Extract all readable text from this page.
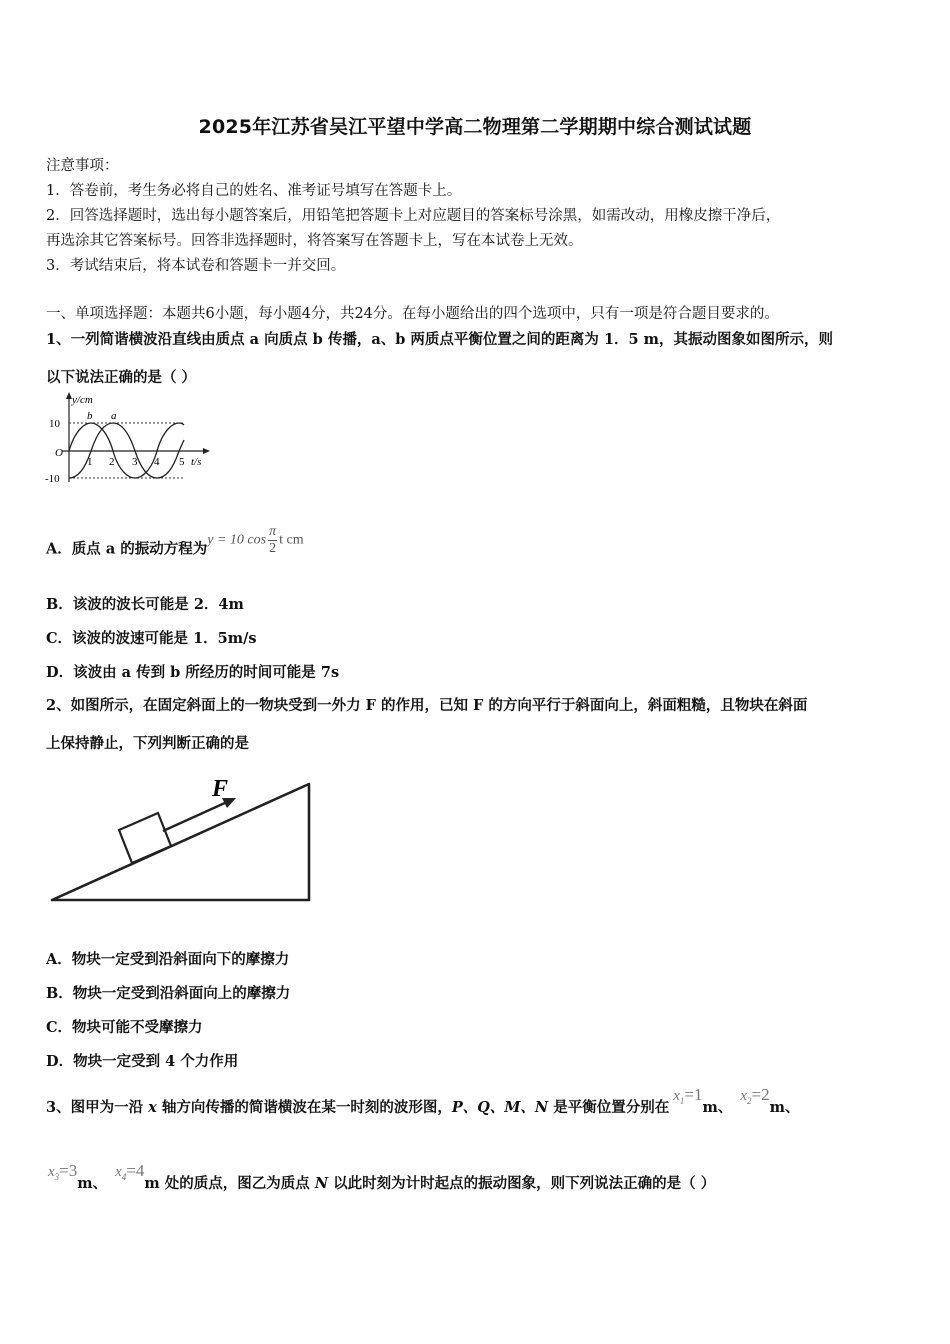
2025年江苏省吴江平望中学高二物理第二学期期中综合测试试题
注意事项：
1．答卷前，考生务必将自己的姓名、准考证号填写在答题卡上。
2．回答选择题时，选出每小题答案后，用铅笔把答题卡上对应题目的答案标号涂黑，如需改动，用橡皮擦干净后，
再选涂其它答案标号。回答非选择题时，将答案写在答题卡上，写在本试卷上无效。
3．考试结束后，将本试卷和答题卡一并交回。
一、单项选择题：本题共6小题，每小题4分，共24分。在每小题给出的四个选项中，只有一项是符合题目要求的。
1、一列简谐横波沿直线由质点 a 向质点 b 传播，a、b 两质点平衡位置之间的距离为 1．5 m，其振动图象如图所示，则
以下说法正确的是（ ）
y/cm
t/s
O
10
-10
1 2 3 4 5
b a
A．质点 a 的振动方程为y = 10 $\cos \frac{\pi}{2}$ t cm
B．该波的波长可能是 2．4m
C．该波的波速可能是 1．5m/s
D．该波由 a 传到 b 所经历的时间可能是 7s
2、如图所示，在固定斜面上的一物块受到一外力 F 的作用，已知 F 的方向平行于斜面向上，斜面粗糙，且物块在斜面
上保持静止，下列判断正确的是
F
A．物块一定受到沿斜面向下的摩擦力
B．物块一定受到沿斜面向上的摩擦力
C．物块可能不受摩擦力
D．物块一定受到 4 个力作用
3、图甲为一沿 x 轴方向传播的简谐横波在某一时刻的波形图，P、Q、M、N 是平衡位置分别在$x_1=1m$、$x_2=2m$、
$x_3=3m$、$x_4=4m$ 处的质点，图乙为质点 N 以此时刻为计时起点的振动图象，则下列说法正确的是（ ）
